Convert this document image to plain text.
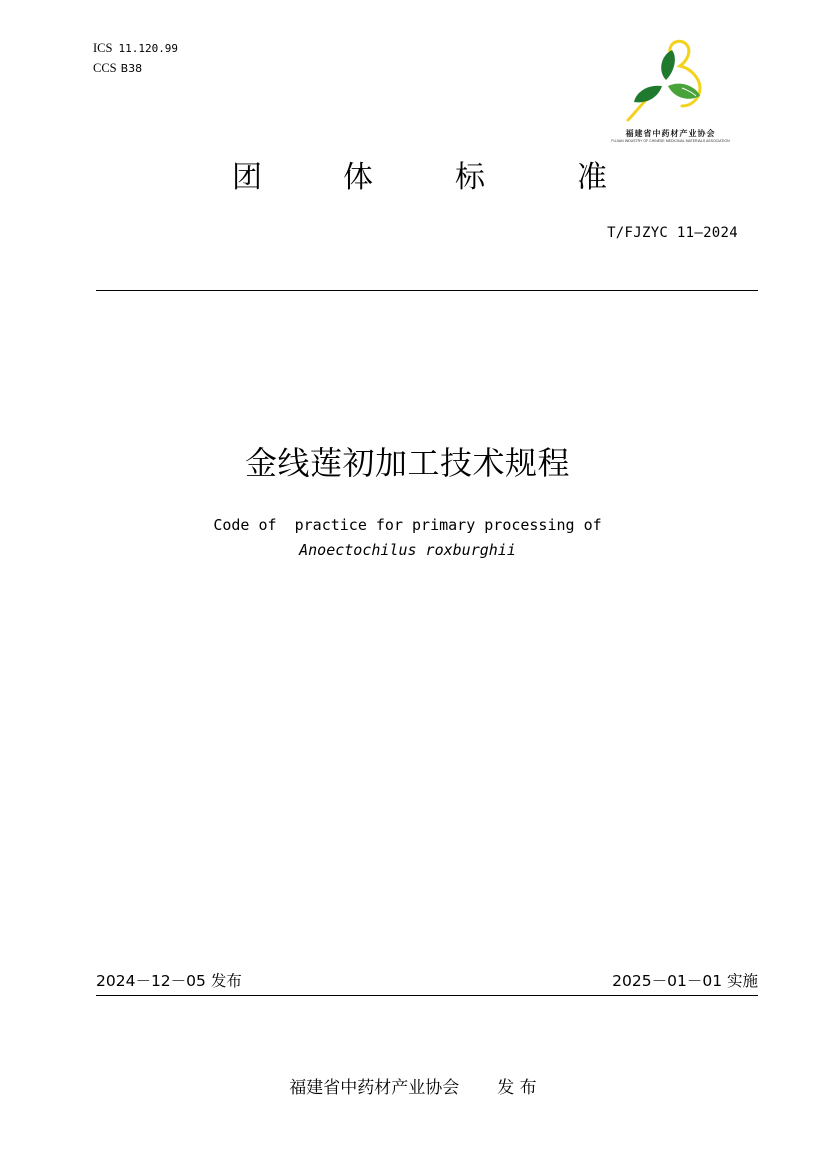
ICS 11.120.99
CCS B38
福建省中药材产业协会
FUJIAN INDUSTRY OF CHINESE MEDICINAL MATERIALS ASSOCIATION
团	体	标	准
T/FJZYC 11—2024
金线莲初加工技术规程
Code of  practice for primary processing of
Anoectochilus roxburghii
2024－12－05 发布	2025－01－01 实施

福建省中药材产业协会 发 布
